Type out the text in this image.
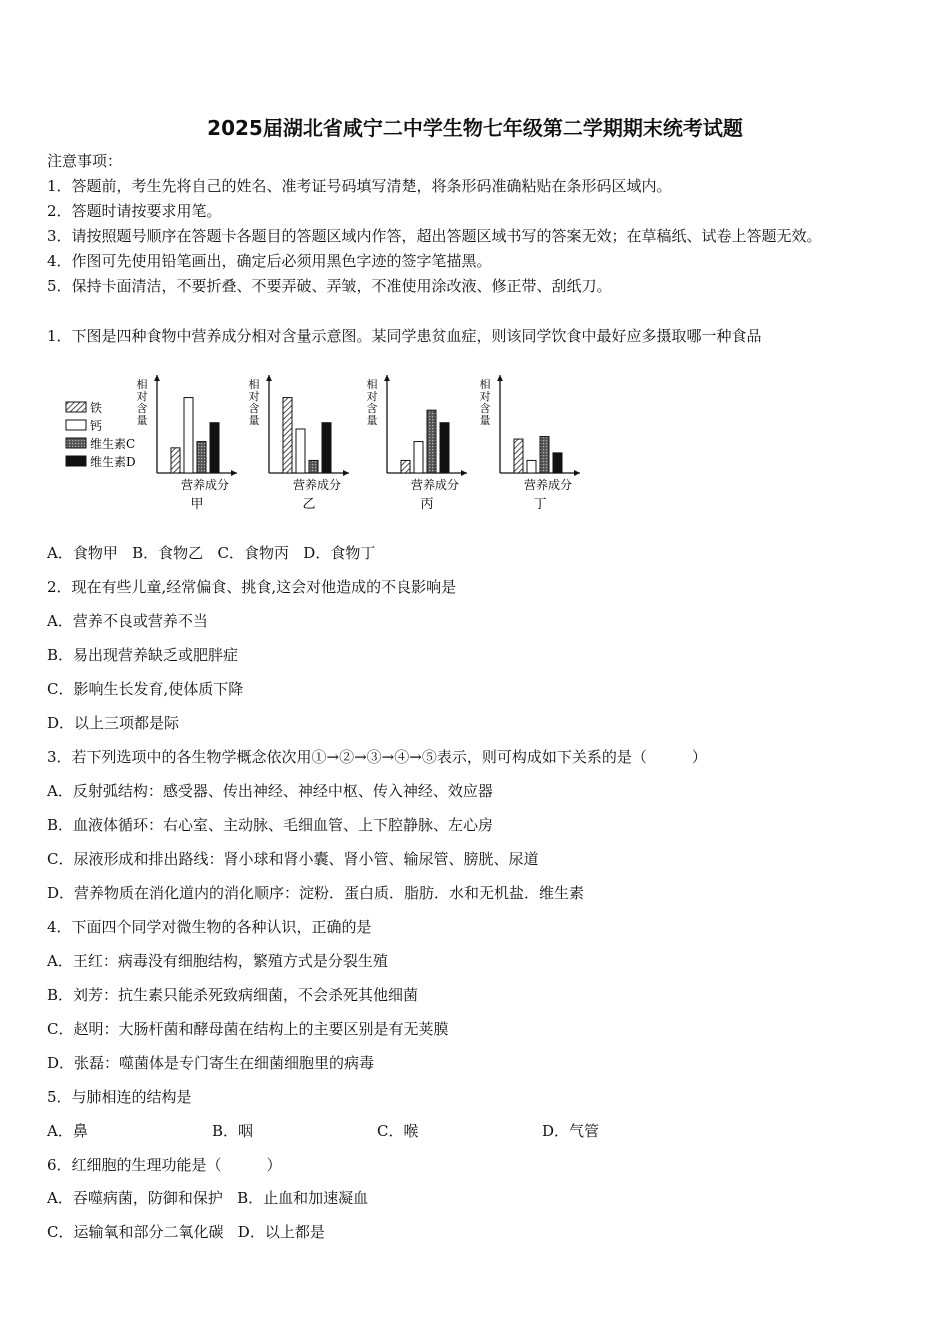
2025届湖北省咸宁二中学生物七年级第二学期期末统考试题
注意事项：
1．答题前，考生先将自己的姓名、准考证号码填写清楚，将条形码准确粘贴在条形码区域内。
2．答题时请按要求用笔。
3．请按照题号顺序在答题卡各题目的答题区域内作答，超出答题区域书写的答案无效；在草稿纸、试卷上答题无效。
4．作图可先使用铅笔画出，确定后必须用黑色字迹的签字笔描黑。
5．保持卡面清洁，不要折叠、不要弄破、弄皱，不准使用涂改液、修正带、刮纸刀。
1．下图是四种食物中营养成分相对含量示意图。某同学患贫血症，则该同学饮食中最好应多摄取哪一种食品
铁
钙
维生素C
维生素D
相
对
含
量
营养成分
甲
相
对
含
量
营养成分
乙
相
对
含
量
营养成分
丙
相
对
含
量
营养成分
丁
A．食物甲 B．食物乙 C．食物丙 D．食物丁
2．现在有些儿童,经常偏食、挑食,这会对他造成的不良影响是
A．营养不良或营养不当
B．易出现营养缺乏或肥胖症
C．影响生长发育,使体质下降
D．以上三项都是际
3．若下列选项中的各生物学概念依次用①→②→③→④→⑤表示，则可构成如下关系的是（　　　）
A．反射弧结构：感受器、传出神经、神经中枢、传入神经、效应器
B．血液体循环：右心室、主动脉、毛细血管、上下腔静脉、左心房
C．尿液形成和排出路线：肾小球和肾小囊、肾小管、输尿管、膀胱、尿道
D．营养物质在消化道内的消化顺序：淀粉．蛋白质．脂肪．水和无机盐．维生素
4．下面四个同学对微生物的各种认识，正确的是
A．王红：病毒没有细胞结构，繁殖方式是分裂生殖
B．刘芳：抗生素只能杀死致病细菌，不会杀死其他细菌
C．赵明：大肠杆菌和酵母菌在结构上的主要区别是有无荚膜
D．张磊：噬菌体是专门寄生在细菌细胞里的病毒
5．与肺相连的结构是
A．鼻	B．咽	C．喉	D．气管
6．红细胞的生理功能是（　　　）
A．吞噬病菌，防御和保护 B．止血和加速凝血
C．运输氧和部分二氧化碳 D．以上都是
